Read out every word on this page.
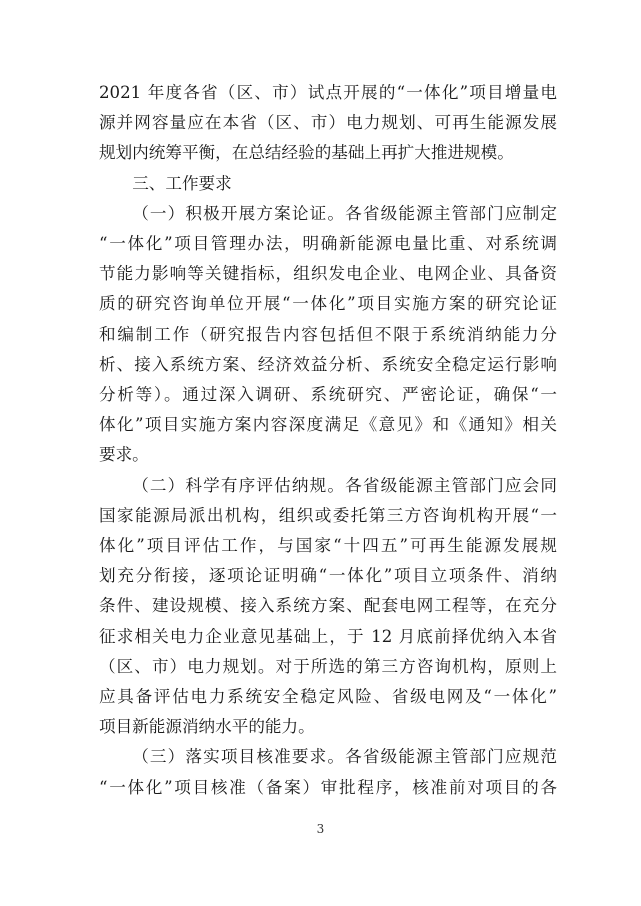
2021 年度各省（区、市）试点开展的“一体化”项目增量电

源并网容量应在本省（区、市）电力规划、可再生能源发展

规划内统筹平衡，在总结经验的基础上再扩大推进规模。

三、工作要求

（一）积极开展方案论证。各省级能源主管部门应制定

“一体化”项目管理办法，明确新能源电量比重、对系统调

节能力影响等关键指标，组织发电企业、电网企业、具备资

质的研究咨询单位开展“一体化”项目实施方案的研究论证

和编制工作（研究报告内容包括但不限于系统消纳能力分

析、接入系统方案、经济效益分析、系统安全稳定运行影响

分析等）。通过深入调研、系统研究、严密论证，确保“一

体化”项目实施方案内容深度满足《意见》和《通知》相关

要求。

（二）科学有序评估纳规。各省级能源主管部门应会同

国家能源局派出机构，组织或委托第三方咨询机构开展“一

体化”项目评估工作，与国家“十四五”可再生能源发展规

划充分衔接，逐项论证明确“一体化”项目立项条件、消纳

条件、建设规模、接入系统方案、配套电网工程等，在充分

征求相关电力企业意见基础上，于 12 月底前择优纳入本省

（区、市）电力规划。对于所选的第三方咨询机构，原则上

应具备评估电力系统安全稳定风险、省级电网及“一体化”

项目新能源消纳水平的能力。

（三）落实项目核准要求。各省级能源主管部门应规范

“一体化”项目核准（备案）审批程序，核准前对项目的各

3
